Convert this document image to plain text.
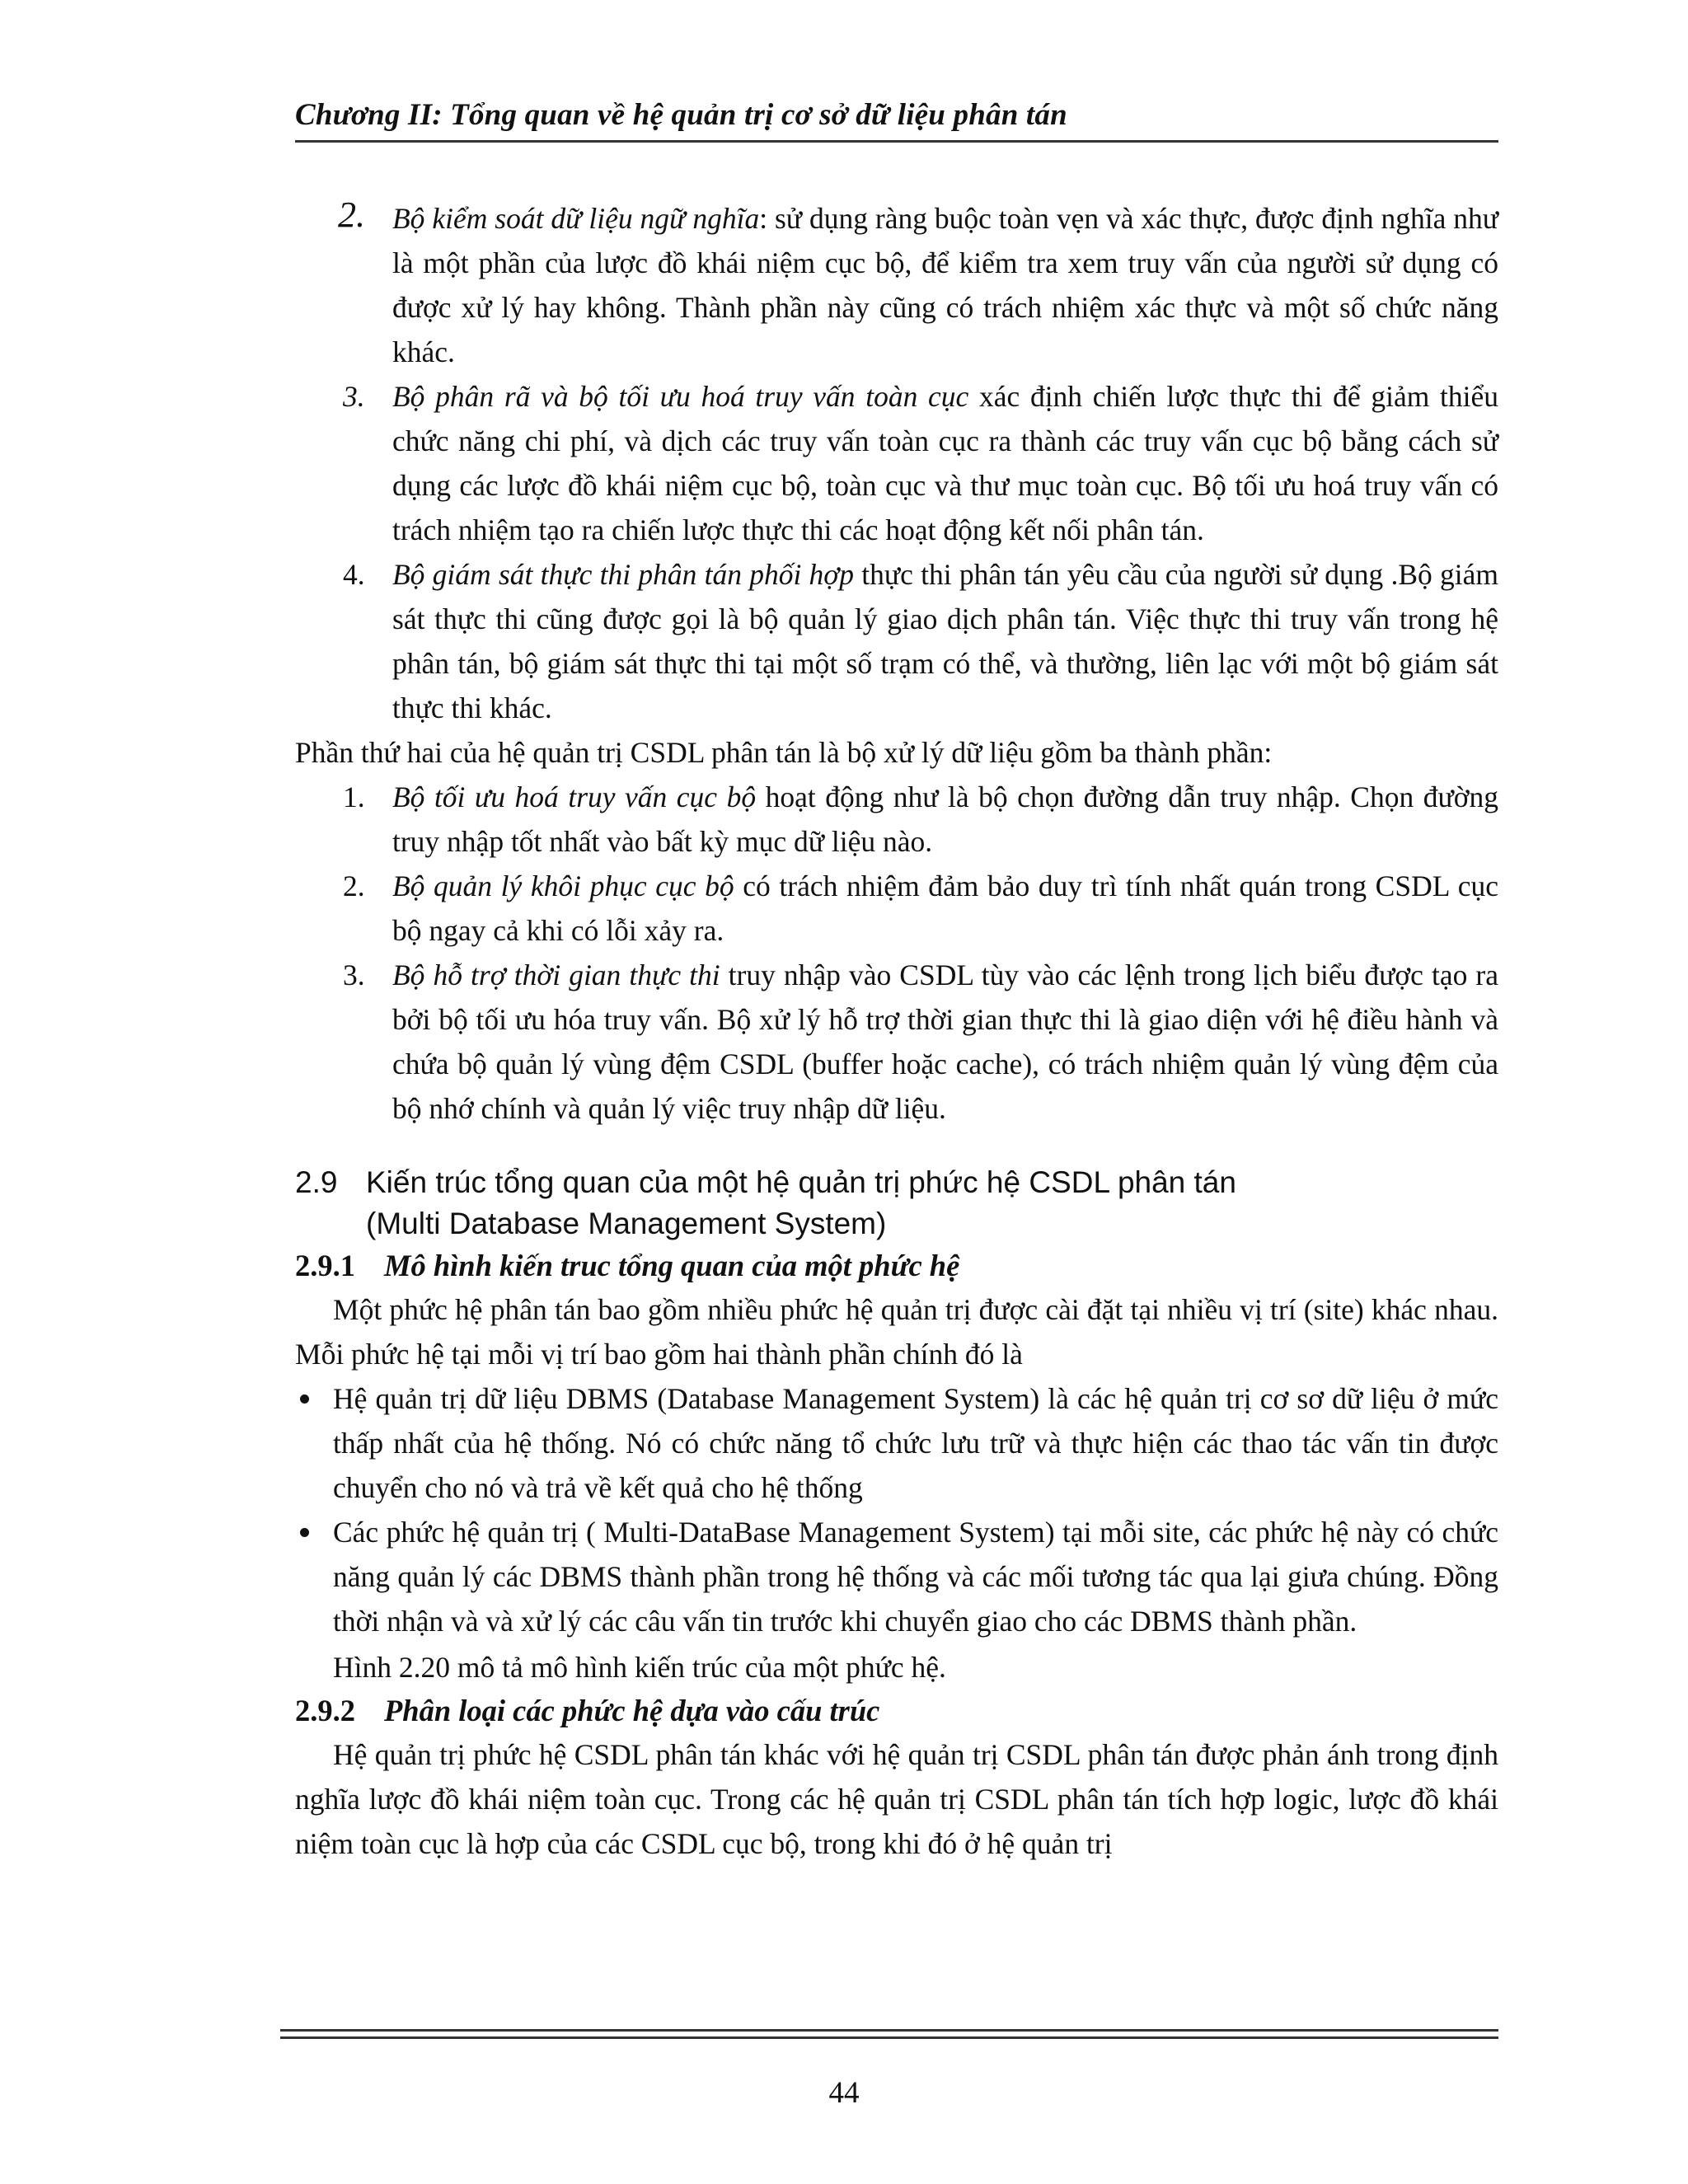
Chương II: Tổng quan về hệ quản trị cơ sở dữ liệu phân tán
2. Bộ kiểm soát dữ liệu ngữ nghĩa: sử dụng ràng buộc toàn vẹn và xác thực, được định nghĩa như là một phần của lược đồ khái niệm cục bộ, để kiểm tra xem truy vấn của người sử dụng có được xử lý hay không. Thành phần này cũng có trách nhiệm xác thực và một số chức năng khác.

3. Bộ phân rã và bộ tối ưu hoá truy vấn toàn cục xác định chiến lược thực thi để giảm thiểu chức năng chi phí, và dịch các truy vấn toàn cục ra thành các truy vấn cục bộ bằng cách sử dụng các lược đồ khái niệm cục bộ, toàn cục và thư mục toàn cục. Bộ tối ưu hoá truy vấn có trách nhiệm tạo ra chiến lược thực thi các hoạt động kết nối phân tán.

4. Bộ giám sát thực thi phân tán phối hợp thực thi phân tán yêu cầu của người sử dụng .Bộ giám sát thực thi cũng được gọi là bộ quản lý giao dịch phân tán. Việc thực thi truy vấn trong hệ phân tán, bộ giám sát thực thi tại một số trạm có thể, và thường, liên lạc với một bộ giám sát thực thi khác.

Phần thứ hai của hệ quản trị CSDL phân tán là bộ xử lý dữ liệu gồm ba thành phần:

1. Bộ tối ưu hoá truy vấn cục bộ hoạt động như là bộ chọn đường dẫn truy nhập. Chọn đường truy nhập tốt nhất vào bất kỳ mục dữ liệu nào.

2. Bộ quản lý khôi phục cục bộ có trách nhiệm đảm bảo duy trì tính nhất quán trong CSDL cục bộ ngay cả khi có lỗi xảy ra.

3. Bộ hỗ trợ thời gian thực thi truy nhập vào CSDL tùy vào các lệnh trong lịch biểu được tạo ra bởi bộ tối ưu hóa truy vấn. Bộ xử lý hỗ trợ thời gian thực thi là giao diện với hệ điều hành và chứa bộ quản lý vùng đệm CSDL (buffer hoặc cache), có trách nhiệm quản lý vùng đệm của bộ nhớ chính và quản lý việc truy nhập dữ liệu.

2.9 Kiến trúc tổng quan của một hệ quản trị phức hệ CSDL phân tán
(Multi Database Management System)
2.9.1 Mô hình kiến truc tổng quan của một phức hệ

Một phức hệ phân tán bao gồm nhiều phức hệ quản trị được cài đặt tại nhiều vị trí (site) khác nhau. Mỗi phức hệ tại mỗi vị trí bao gồm hai thành phần chính đó là

Hệ quản trị dữ liệu DBMS (Database Management System) là các hệ quản trị cơ sơ dữ liệu ở mức thấp nhất của hệ thống. Nó có chức năng tổ chức lưu trữ và thực hiện các thao tác vấn tin được chuyển cho nó và trả về kết quả cho hệ thống

Các phức hệ quản trị ( Multi-DataBase Management System) tại mỗi site, các phức hệ này có chức năng quản lý các DBMS thành phần trong hệ thống và các mối tương tác qua lại giưa chúng. Đồng thời nhận và và xử lý các câu vấn tin trước khi chuyển giao cho các DBMS thành phần.

Hình 2.20 mô tả mô hình kiến trúc của một phức hệ.

2.9.2 Phân loại các phức hệ dựa vào cấu trúc

Hệ quản trị phức hệ CSDL phân tán khác với hệ quản trị CSDL phân tán được phản ánh trong định nghĩa lược đồ khái niệm toàn cục. Trong các hệ quản trị CSDL phân tán tích hợp logic, lược đồ khái niệm toàn cục là hợp của các CSDL cục bộ, trong khi đó ở hệ quản trị

44
